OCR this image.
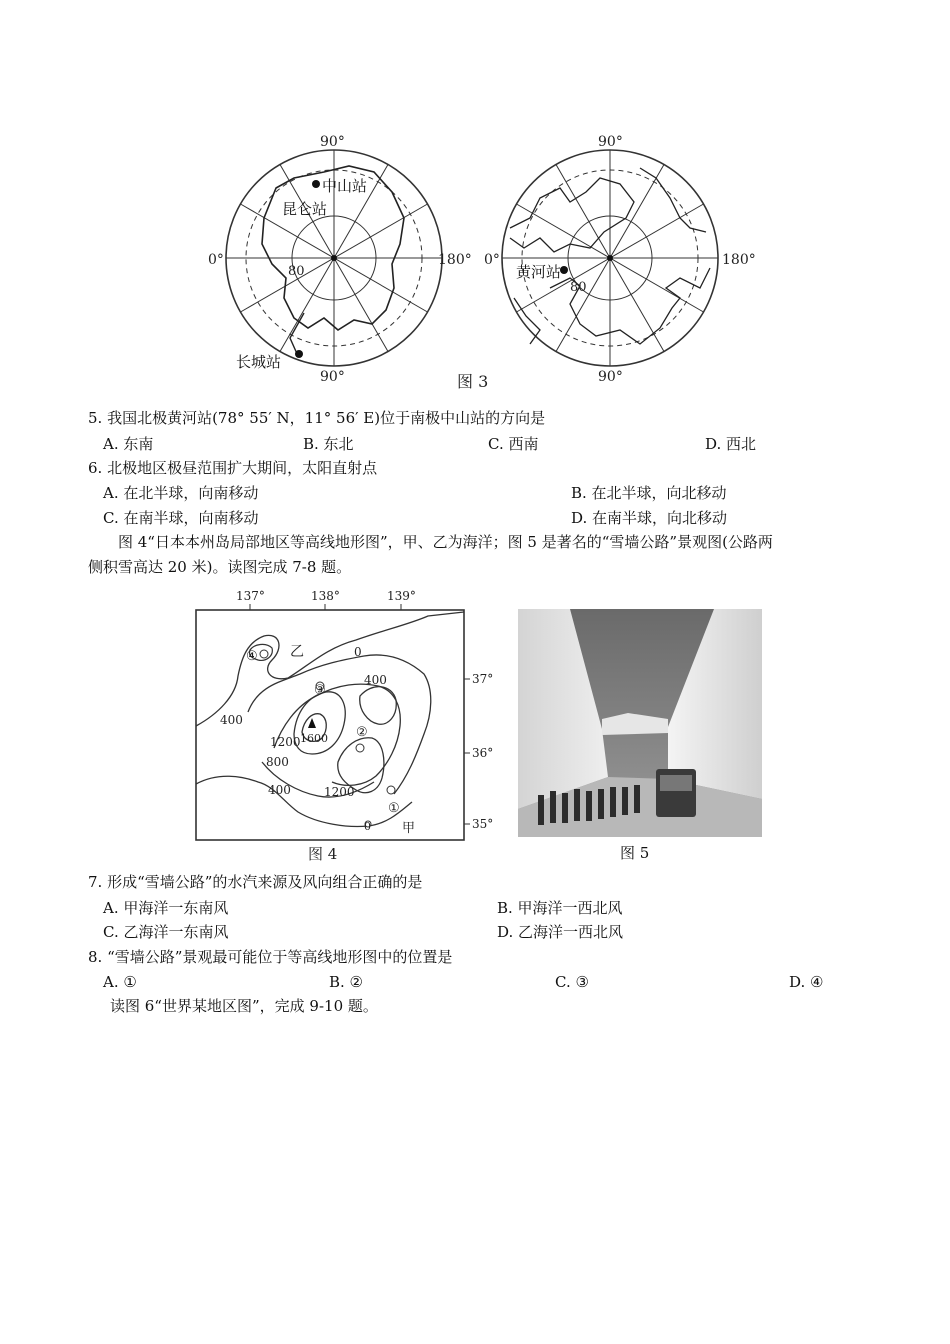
90°
90°
0°	180°
80
中山站
昆仑站
长城站
90°
90°
0°	180°
80
黄河站
图 3
5. 我国北极黄河站(78° 55′ N，11° 56′ E)位于南极中山站的方向是
A. 东南	B. 东北	C. 西南	D. 西北
6. 北极地区极昼范围扩大期间，太阳直射点
A. 在北半球，向南移动	B. 在北半球，向北移动
C. 在南半球，向南移动	D. 在南半球，向北移动
图 4“日本本州岛局部地区等高线地形图”，甲、乙为海洋；图 5 是著名的“雪墙公路”景观图(公路两
侧积雪高达 20 米)。读图完成 7-8 题。
137°	138°	139°
37°
36°
35°
乙
甲
0
400
400
1200 1600
800
400	1200
0
①
②
③
④
图 4	图 5
7. 形成“雪墙公路”的水汽来源及风向组合正确的是
A. 甲海洋一东南风	B. 甲海洋一西北风
C. 乙海洋一东南风	D. 乙海洋一西北风
8. “雪墙公路”景观最可能位于等高线地形图中的位置是
A. ①	B. ②	C. ③	D. ④
读图 6“世界某地区图”，完成 9-10 题。
